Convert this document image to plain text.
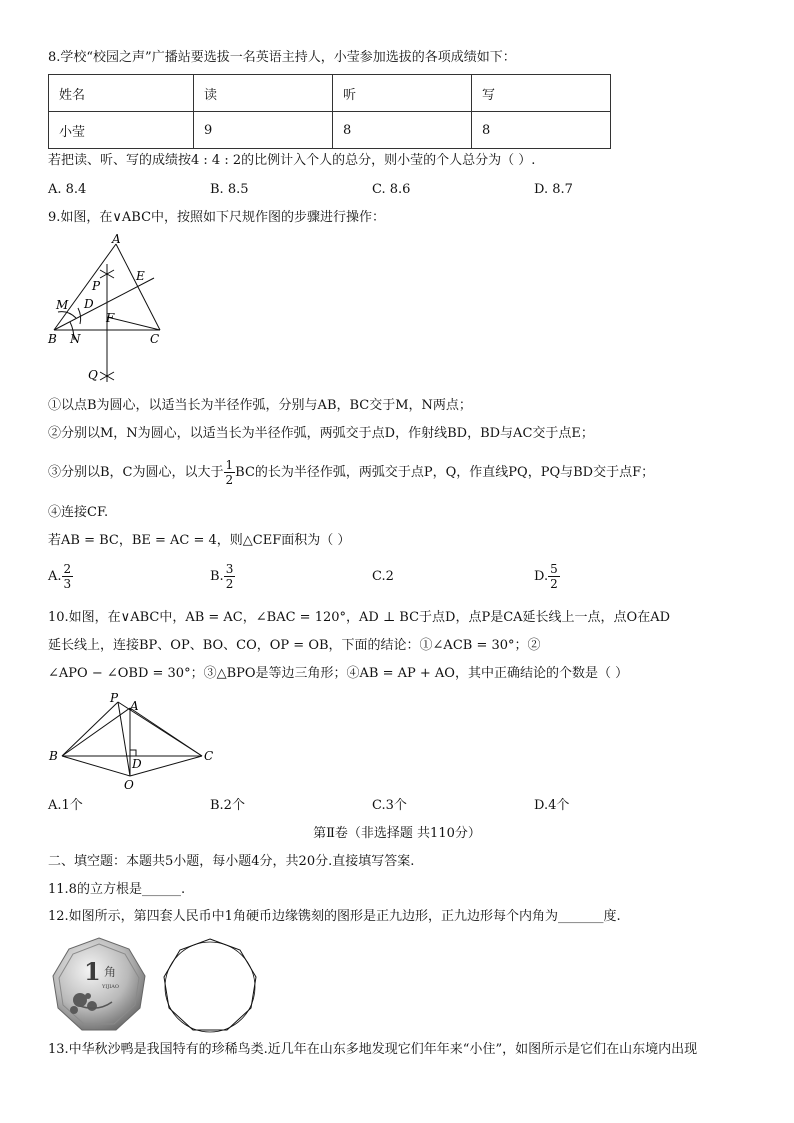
8.学校“校园之声”广播站要选拔一名英语主持人，小莹参加选拔的各项成绩如下：
姓名	读	听	写
小莹	9	8	8
若把读、听、写的成绩按4 : 4 : 2的比例计入个人的总分，则小莹的个人总分为（ ）.
A. 8.4	B. 8.5	C. 8.6	D. 8.7
9.如图，在∨ABC中，按照如下尺规作图的步骤进行操作：
A
E
P
M D
F
B N	C
Q
①以点B为圆心，以适当长为半径作弧，分别与AB，BC交于M，N两点；
②分别以M，N为圆心，以适当长为半径作弧，两弧交于点D，作射线BD，BD与AC交于点E；
③分别以B，C为圆心，以大于 $\frac{1}{2}$ BC的长为半径作弧，两弧交于点P，Q，作直线PQ，PQ与BD交于点F；
④连接CF.
若AB = BC，BE = AC = 4，则△CEF面积为（ ）
A. $\frac{2}{3}$	B. $\frac{3}{2}$	C.2	D. $\frac{5}{2}$
10.如图，在∨ABC中，AB = AC，∠BAC = 120°，AD ⊥ BC于点D，点P是CA延长线上一点，点O在AD
延长线上，连接BP、OP、BO、CO，OP = OB，下面的结论：①∠ACB = 30°；②
∠APO − ∠OBD = 30°；③△BPO是等边三角形；④AB = AP + AO，其中正确结论的个数是（ ）
P
A
B
D
C
O
A.1个	B.2个	C.3个	D.4个
第Ⅱ卷（非选择题 共110分）
二、填空题：本题共5小题，每小题4分，共20分.直接填写答案.
11.8的立方根是______.
12.如图所示，第四套人民币中1角硬币边缘镌刻的图形是正九边形，正九边形每个内角为_______度.
1 角
YIJIAO
13.中华秋沙鸭是我国特有的珍稀鸟类.近几年在山东多地发现它们年年来“小住”，如图所示是它们在山东境内出现
